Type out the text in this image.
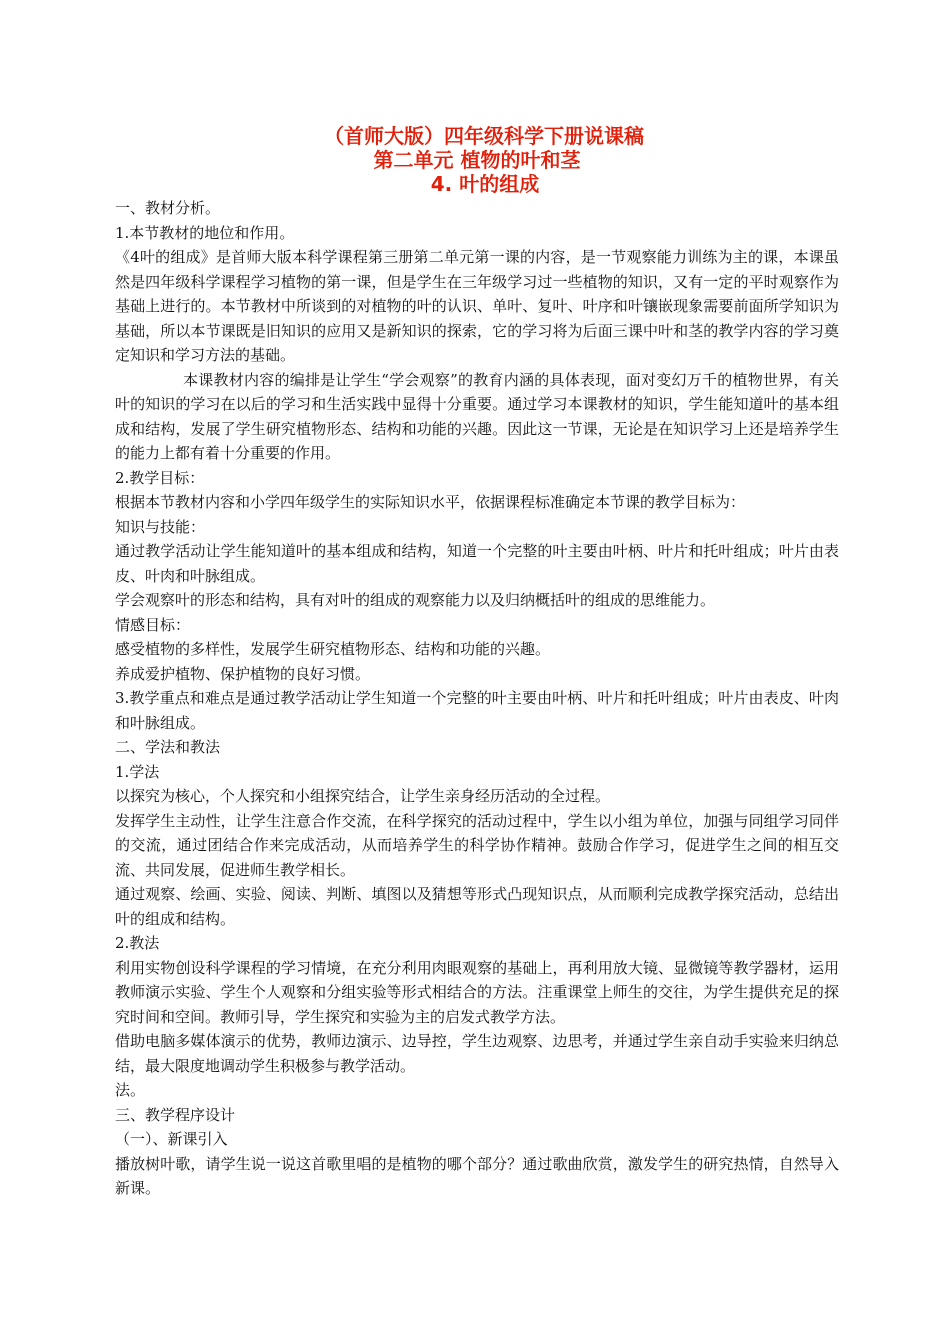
（首师大版）四年级科学下册说课稿
第二单元 植物的叶和茎
4. 叶的组成

一、教材分析。

1.本节教材的地位和作用。

《4叶的组成》是首师大版本科学课程第三册第二单元第一课的内容，是一节观察能力训练为主的课，本课虽然是四年级科学课程学习植物的第一课，但是学生在三年级学习过一些植物的知识，又有一定的平时观察作为基础上进行的。本节教材中所谈到的对植物的叶的认识、单叶、复叶、叶序和叶镶嵌现象需要前面所学知识为基础，所以本节课既是旧知识的应用又是新知识的探索，它的学习将为后面三课中叶和茎的教学内容的学习奠定知识和学习方法的基础。

本课教材内容的编排是让学生“学会观察”的教育内涵的具体表现，面对变幻万千的植物世界，有关叶的知识的学习在以后的学习和生活实践中显得十分重要。通过学习本课教材的知识，学生能知道叶的基本组成和结构，发展了学生研究植物形态、结构和功能的兴趣。因此这一节课，无论是在知识学习上还是培养学生的能力上都有着十分重要的作用。

2.教学目标：

根据本节教材内容和小学四年级学生的实际知识水平，依据课程标准确定本节课的教学目标为：

知识与技能：

通过教学活动让学生能知道叶的基本组成和结构，知道一个完整的叶主要由叶柄、叶片和托叶组成；叶片由表皮、叶肉和叶脉组成。

学会观察叶的形态和结构，具有对叶的组成的观察能力以及归纳概括叶的组成的思维能力。

情感目标：

感受植物的多样性，发展学生研究植物形态、结构和功能的兴趣。

养成爱护植物、保护植物的良好习惯。

3.教学重点和难点是通过教学活动让学生知道一个完整的叶主要由叶柄、叶片和托叶组成；叶片由表皮、叶肉和叶脉组成。

二、学法和教法

1.学法

以探究为核心，个人探究和小组探究结合，让学生亲身经历活动的全过程。

发挥学生主动性，让学生注意合作交流，在科学探究的活动过程中，学生以小组为单位，加强与同组学习同伴的交流，通过团结合作来完成活动，从而培养学生的科学协作精神。鼓励合作学习，促进学生之间的相互交流、共同发展，促进师生教学相长。

通过观察、绘画、实验、阅读、判断、填图以及猜想等形式凸现知识点，从而顺利完成教学探究活动，总结出叶的组成和结构。

2.教法

利用实物创设科学课程的学习情境，在充分利用肉眼观察的基础上，再利用放大镜、显微镜等教学器材，运用教师演示实验、学生个人观察和分组实验等形式相结合的方法。注重课堂上师生的交往，为学生提供充足的探究时间和空间。教师引导，学生探究和实验为主的启发式教学方法。

借助电脑多媒体演示的优势，教师边演示、边导控，学生边观察、边思考，并通过学生亲自动手实验来归纳总结，最大限度地调动学生积极参与教学活动。

法。

三、教学程序设计

（一）、新课引入

播放树叶歌，请学生说一说这首歌里唱的是植物的哪个部分？通过歌曲欣赏，激发学生的研究热情，自然导入新课。
